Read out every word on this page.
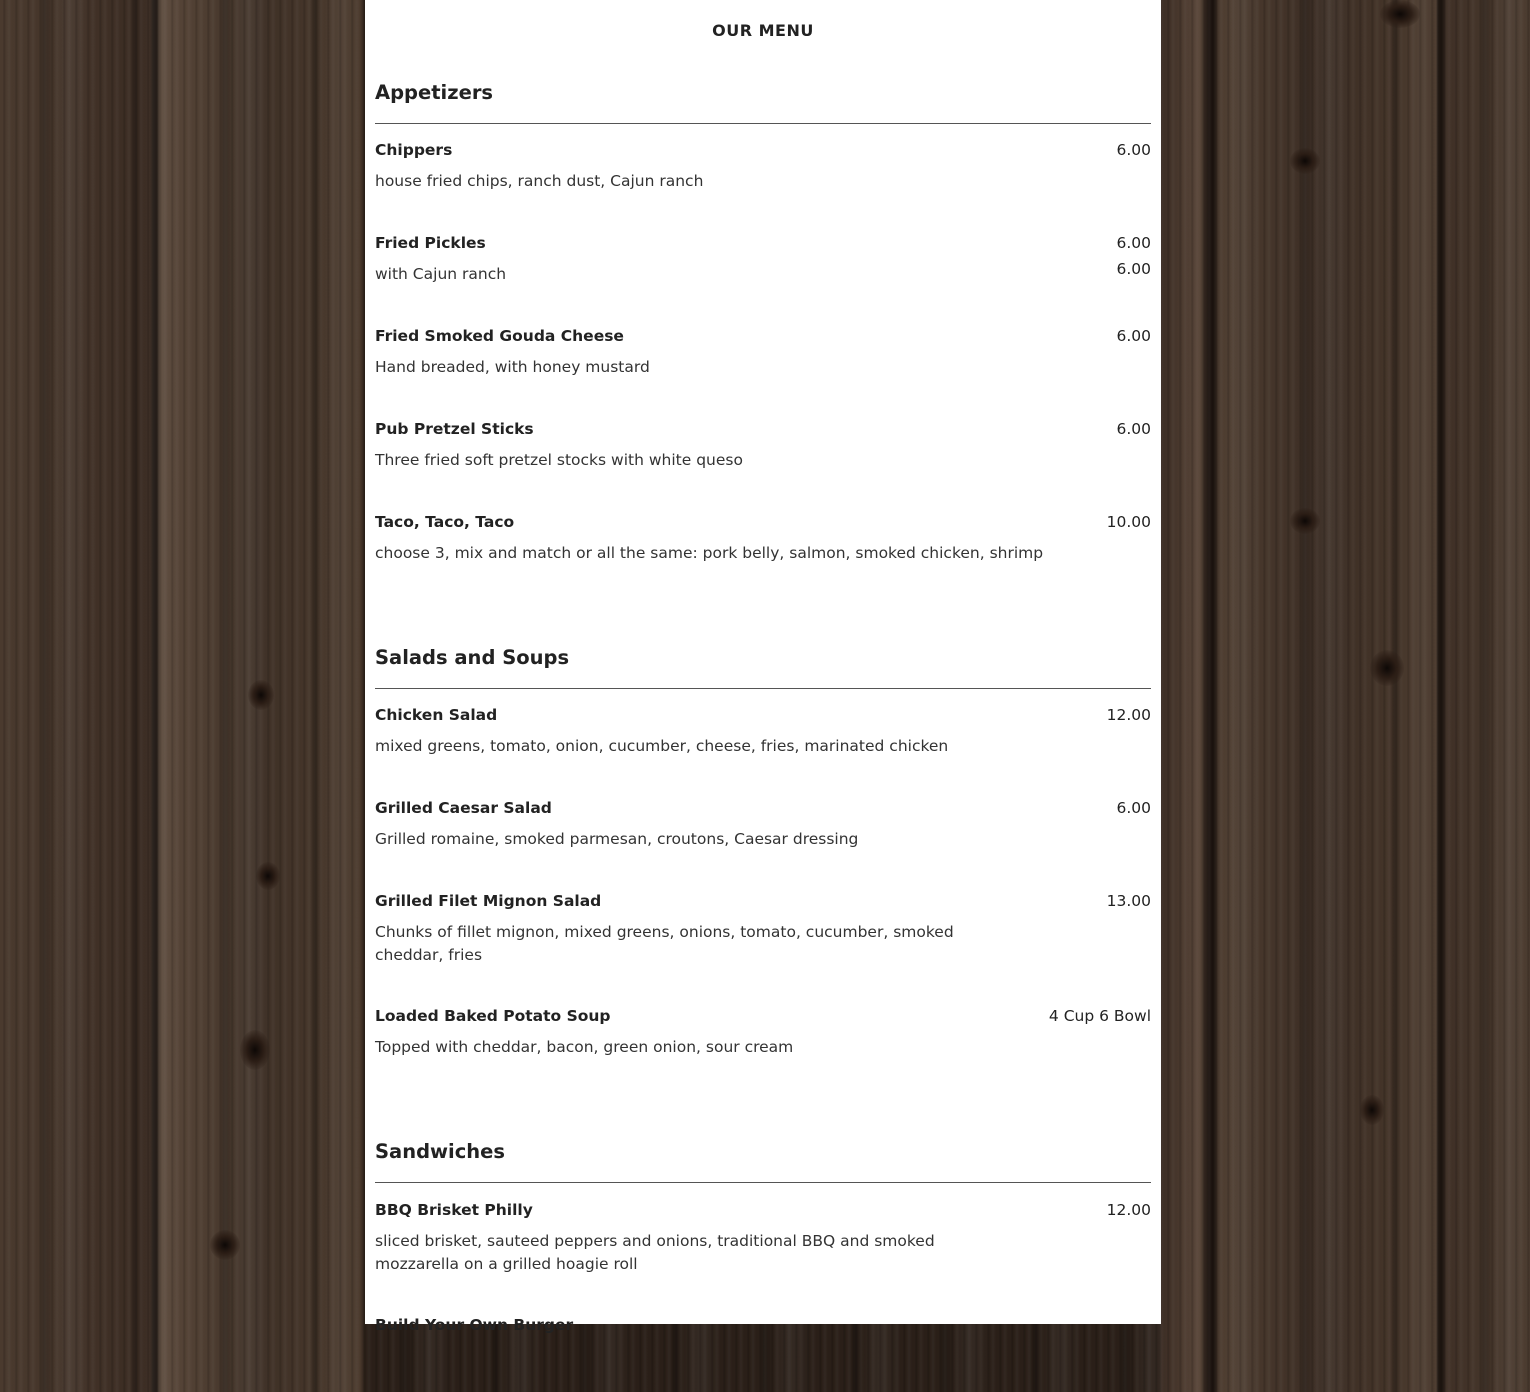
OUR MENU
Appetizers
Chippers	6.00
house fried chips, ranch dust, Cajun ranch
Fried Pickles	6.00
6.00
with Cajun ranch
Fried Smoked Gouda Cheese	6.00
Hand breaded, with honey mustard
Pub Pretzel Sticks	6.00
Three fried soft pretzel stocks with white queso
Taco, Taco, Taco	10.00
choose 3, mix and match or all the same: pork belly, salmon, smoked chicken, shrimp
Salads and Soups
Chicken Salad	12.00
mixed greens, tomato, onion, cucumber, cheese, fries, marinated chicken
Grilled Caesar Salad	6.00
Grilled romaine, smoked parmesan, croutons, Caesar dressing
Grilled Filet Mignon Salad	13.00
Chunks of fillet mignon, mixed greens, onions, tomato, cucumber, smoked cheddar, fries
Loaded Baked Potato Soup	4 Cup 6 Bowl
Topped with cheddar, bacon, green onion, sour cream
Sandwiches
BBQ Brisket Philly	12.00
sliced brisket, sauteed peppers and onions, traditional BBQ and smoked mozzarella on a grilled hoagie roll
Build Your Own Burger
